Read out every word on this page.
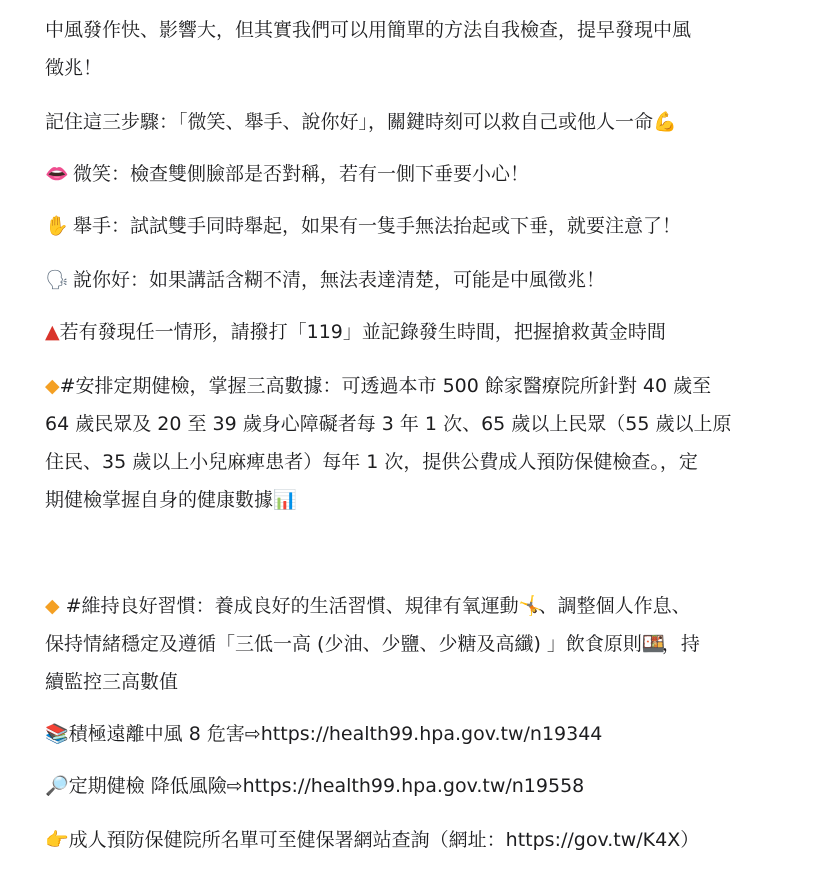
中風發作快、影響大，但其實我們可以用簡單的方法自我檢查，提早發現中風
徵兆！
記住這三步驟：「微笑、舉手、說你好」，關鍵時刻可以救自己或他人一命💪
👄 微笑：檢查雙側臉部是否對稱，若有一側下垂要小心！
✋ 舉手：試試雙手同時舉起，如果有一隻手無法抬起或下垂，就要注意了！
🗣 說你好：如果講話含糊不清，無法表達清楚，可能是中風徵兆！
▲若有發現任一情形，請撥打「119」並記錄發生時間，把握搶救黃金時間
◆#安排定期健檢，掌握三高數據：可透過本市 500 餘家醫療院所針對 40 歲至
64 歲民眾及 20 至 39 歲身心障礙者每 3 年 1 次、65 歲以上民眾（55 歲以上原
住民、35 歲以上小兒麻痺患者）每年 1 次，提供公費成人預防保健檢查。，定
期健檢掌握自身的健康數據📊
◆ #維持良好習慣：養成良好的生活習慣、規律有氧運動🤸、調整個人作息、
保持情緒穩定及遵循「三低一高 (少油、少鹽、少糖及高纖) 」飲食原則🍱，持
續監控三高數值
📚積極遠離中風 8 危害⇨https://health99.hpa.gov.tw/n19344
🔎定期健檢 降低風險⇨https://health99.hpa.gov.tw/n19558
👉成人預防保健院所名單可至健保署網站查詢（網址：https://gov.tw/K4X）
